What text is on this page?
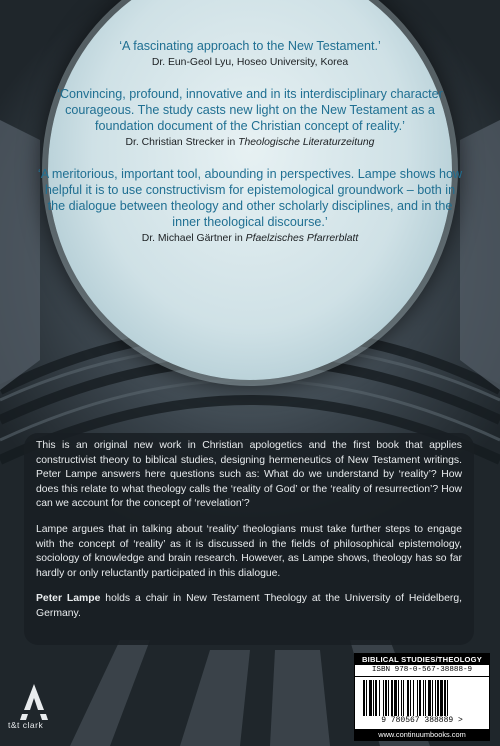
‘A fascinating approach to the New Testament.’
Dr. Eun-Geol Lyu, Hoseo University, Korea
‘Convincing, profound, innovative and in its interdisciplinary character courageous. The study casts new light on the New Testament as a foundation document of the Christian concept of reality.’
Dr. Christian Strecker in Theologische Literaturzeitung
‘A meritorious, important tool, abounding in perspectives. Lampe shows how helpful it is to use constructivism for epistemological groundwork – both in the dialogue between theology and other scholarly disciplines, and in the inner theological discourse.’
Dr. Michael Gärtner in Pfaelzisches Pfarrerblatt

This is an original new work in Christian apologetics and the first book that applies constructivist theory to biblical studies, designing hermeneutics of New Testament writings. Peter Lampe answers here questions such as: What do we understand by ‘reality’? How does this relate to what theology calls the ‘reality of God’ or the ‘reality of resurrection’? How can we account for the concept of ‘revelation’?

Lampe argues that in talking about ‘reality’ theologians must take further steps to engage with the concept of ‘reality’ as it is discussed in the fields of philosophical epistemology, sociology of knowledge and brain research. However, as Lampe shows, theology has so far hardly or only reluctantly participated in this dialogue.

Peter Lampe holds a chair in New Testament Theology at the University of Heidelberg, Germany.

t&t clark
BIBLICAL STUDIES/THEOLOGY
ISBN 978-0-567-38888-9
9 780567 388889 >
www.continuumbooks.com
